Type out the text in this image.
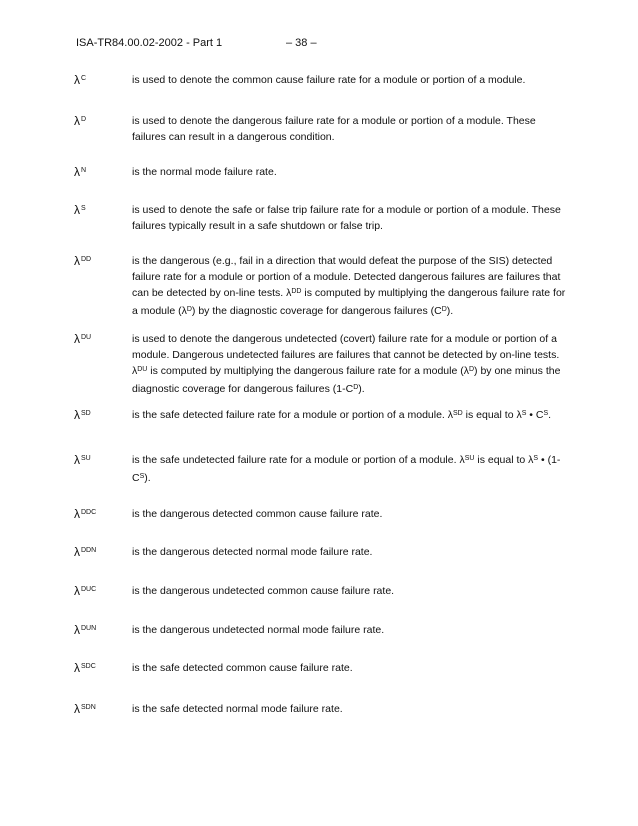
ISA-TR84.00.02-2002 - Part 1	– 38 –
$\lambda^C$	is used to denote the common cause failure rate for a module or portion of a module.
$\lambda^D$	is used to denote the dangerous failure rate for a module or portion of a module. These failures can result in a dangerous condition.
$\lambda^N$	is the normal mode failure rate.
$\lambda^S$	is used to denote the safe or false trip failure rate for a module or portion of a module. These failures typically result in a safe shutdown or false trip.
$\lambda^{DD}$	is the dangerous (e.g., fail in a direction that would defeat the purpose of the SIS) detected failure rate for a module or portion of a module. Detected dangerous failures are failures that can be detected by on-line tests. $\lambda^{DD}$ is computed by multiplying the dangerous failure rate for a module $(\lambda^D)$ by the diagnostic coverage for dangerous failures $(C^D)$.
$\lambda^{DU}$	is used to denote the dangerous undetected (covert) failure rate for a module or portion of a module. Dangerous undetected failures are failures that cannot be detected by on-line tests. $\lambda^{DU}$ is computed by multiplying the dangerous failure rate for a module $(\lambda^D)$ by one minus the diagnostic coverage for dangerous failures $(1-C^D)$.
$\lambda^{SD}$	is the safe detected failure rate for a module or portion of a module. $\lambda^{SD}$ is equal to $\lambda^S$ • $C^S$.
$\lambda^{SU}$	is the safe undetected failure rate for a module or portion of a module. $\lambda^{SU}$ is equal to $\lambda^S$ • $(1-C^S)$.
$\lambda^{DDC}$	is the dangerous detected common cause failure rate.
$\lambda^{DDN}$	is the dangerous detected normal mode failure rate.
$\lambda^{DUC}$	is the dangerous undetected common cause failure rate.
$\lambda^{DUN}$	is the dangerous undetected normal mode failure rate.
$\lambda^{SDC}$	is the safe detected common cause failure rate.
$\lambda^{SDN}$	is the safe detected normal mode failure rate.
